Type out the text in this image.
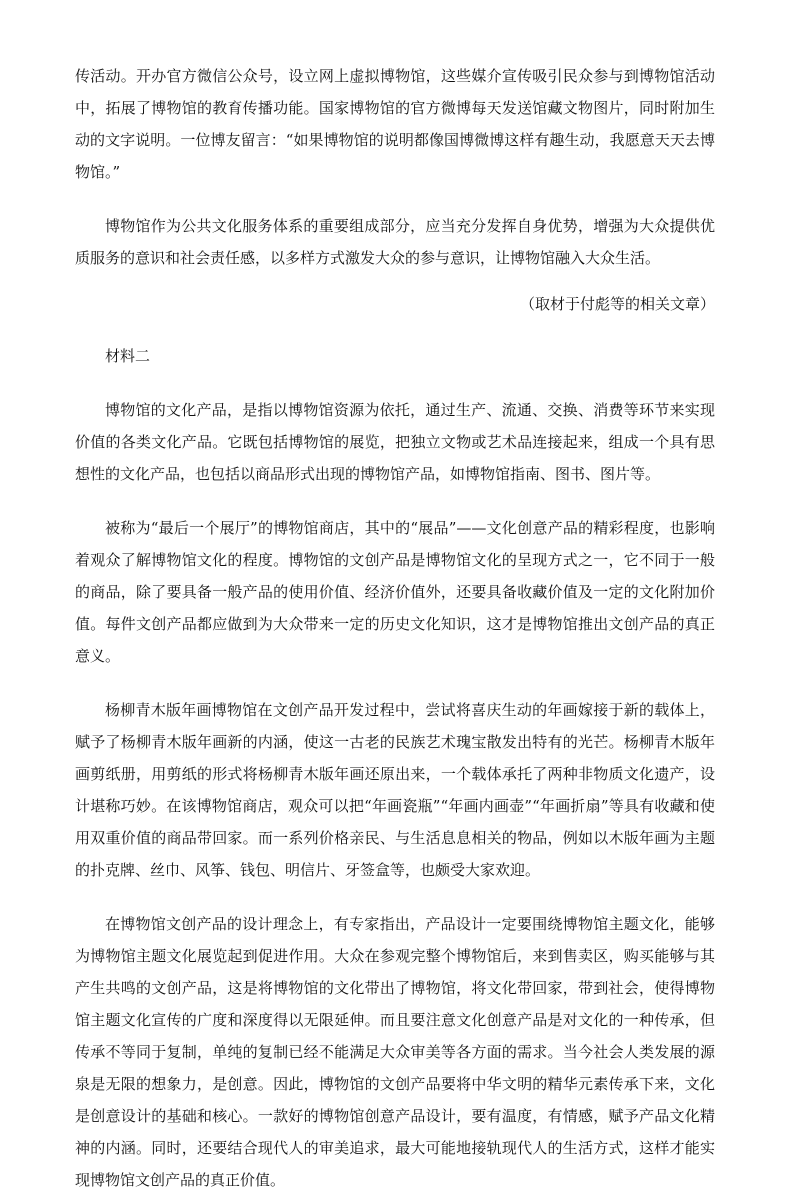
传活动。开办官方微信公众号，设立网上虚拟博物馆，这些媒介宣传吸引民众参与到博物馆活动中，拓展了博物馆的教育传播功能。国家博物馆的官方微博每天发送馆藏文物图片，同时附加生动的文字说明。一位博友留言：“如果博物馆的说明都像国博微博这样有趣生动，我愿意天天去博物馆。”

博物馆作为公共文化服务体系的重要组成部分，应当充分发挥自身优势，增强为大众提供优质服务的意识和社会责任感，以多样方式激发大众的参与意识，让博物馆融入大众生活。

（取材于付彪等的相关文章）

材料二

博物馆的文化产品，是指以博物馆资源为依托，通过生产、流通、交换、消费等环节来实现价值的各类文化产品。它既包括博物馆的展览，把独立文物或艺术品连接起来，组成一个具有思想性的文化产品，也包括以商品形式出现的博物馆产品，如博物馆指南、图书、图片等。

被称为“最后一个展厅”的博物馆商店，其中的“展品”——文化创意产品的精彩程度，也影响着观众了解博物馆文化的程度。博物馆的文创产品是博物馆文化的呈现方式之一，它不同于一般的商品，除了要具备一般产品的使用价值、经济价值外，还要具备收藏价值及一定的文化附加价值。每件文创产品都应做到为大众带来一定的历史文化知识，这才是博物馆推出文创产品的真正意义。

杨柳青木版年画博物馆在文创产品开发过程中，尝试将喜庆生动的年画嫁接于新的载体上，赋予了杨柳青木版年画新的内涵，使这一古老的民族艺术瑰宝散发出特有的光芒。杨柳青木版年画剪纸册，用剪纸的形式将杨柳青木版年画还原出来，一个载体承托了两种非物质文化遗产，设计堪称巧妙。在该博物馆商店，观众可以把“年画瓷瓶”“年画内画壶”“年画折扇”等具有收藏和使用双重价值的商品带回家。而一系列价格亲民、与生活息息相关的物品，例如以木版年画为主题的扑克牌、丝巾、风筝、钱包、明信片、牙签盒等，也颇受大家欢迎。

在博物馆文创产品的设计理念上，有专家指出，产品设计一定要围绕博物馆主题文化，能够为博物馆主题文化展览起到促进作用。大众在参观完整个博物馆后，来到售卖区，购买能够与其产生共鸣的文创产品，这是将博物馆的文化带出了博物馆，将文化带回家，带到社会，使得博物馆主题文化宣传的广度和深度得以无限延伸。而且要注意文化创意产品是对文化的一种传承，但传承不等同于复制，单纯的复制已经不能满足大众审美等各方面的需求。当今社会人类发展的源泉是无限的想象力，是创意。因此，博物馆的文创产品要将中华文明的精华元素传承下来，文化是创意设计的基础和核心。一款好的博物馆创意产品设计，要有温度，有情感，赋予产品文化精神的内涵。同时，还要结合现代人的审美追求，最大可能地接轨现代人的生活方式，这样才能实现博物馆文创产品的真正价值。
